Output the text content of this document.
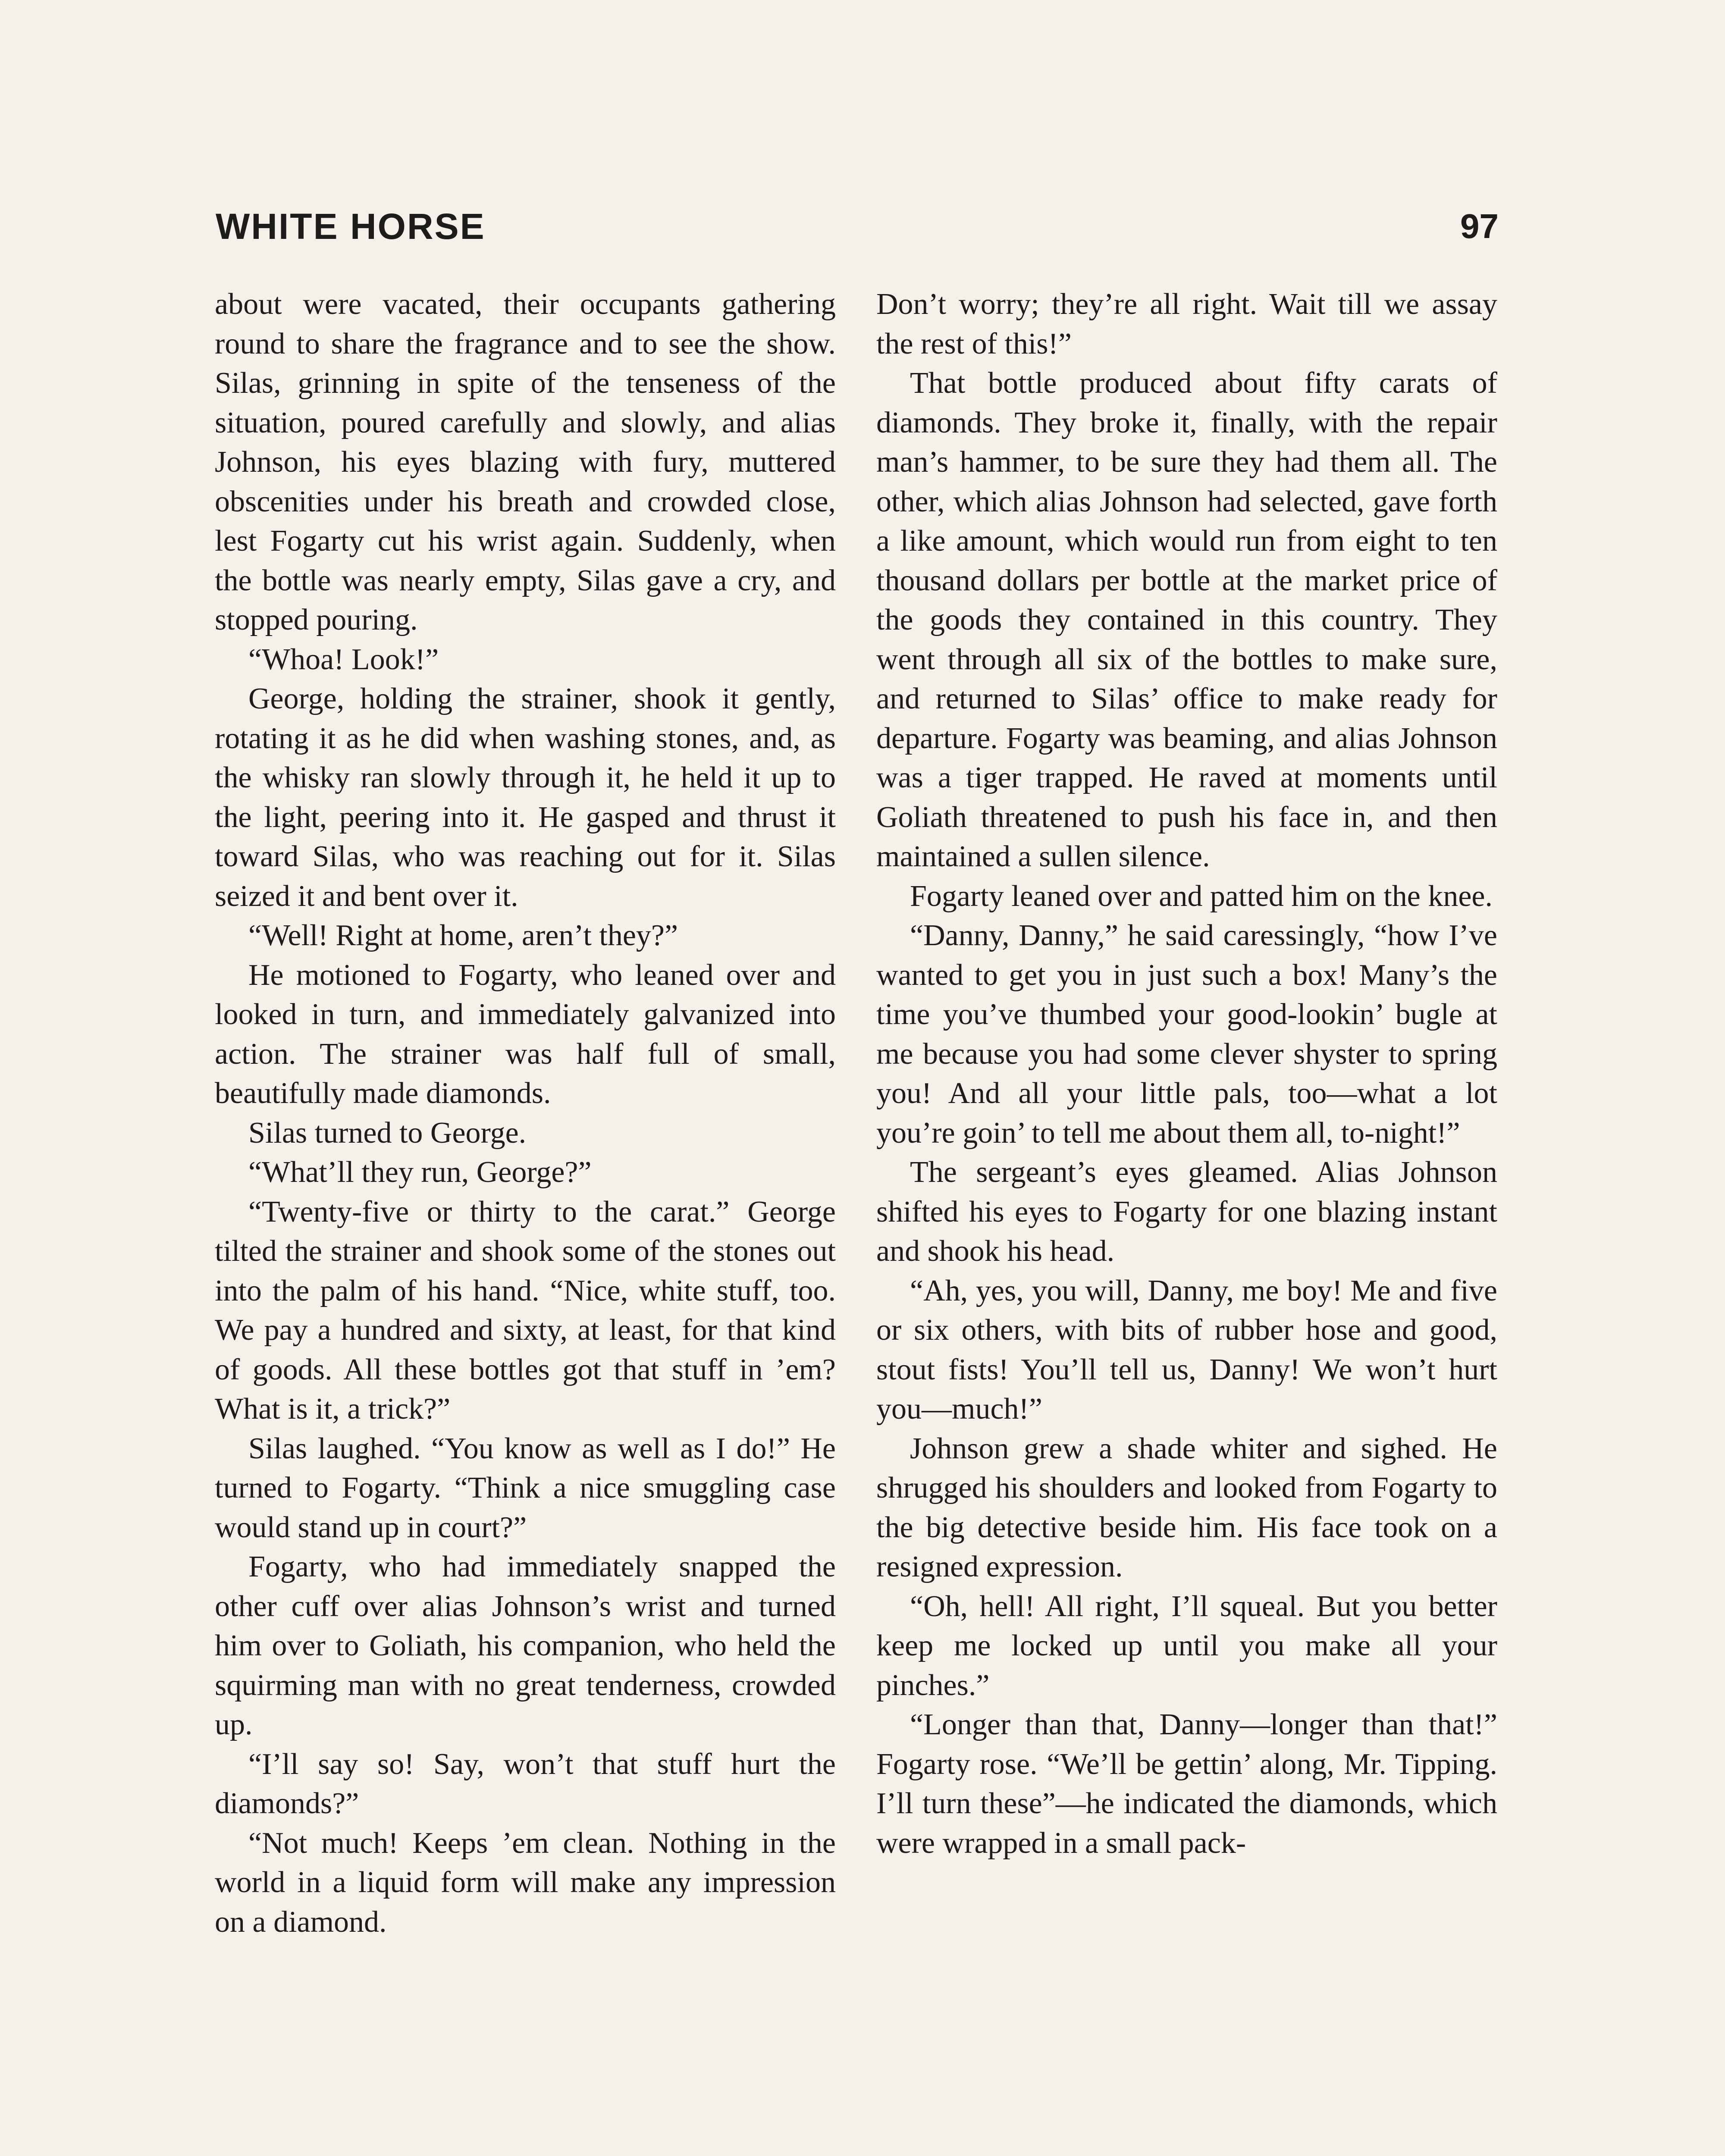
WHITE HORSE	97

about were vacated, their occupants gathering round to share the fragrance and to see the show. Silas, grinning in spite of the tenseness of the situation, poured carefully and slowly, and alias Johnson, his eyes blazing with fury, muttered obscenities under his breath and crowded close, lest Fogarty cut his wrist again. Suddenly, when the bottle was nearly empty, Silas gave a cry, and stopped pouring.

“Whoa! Look!”

George, holding the strainer, shook it gently, rotating it as he did when washing stones, and, as the whisky ran slowly through it, he held it up to the light, peering into it. He gasped and thrust it toward Silas, who was reaching out for it. Silas seized it and bent over it.

“Well! Right at home, aren’t they?”

He motioned to Fogarty, who leaned over and looked in turn, and immediately galvanized into action. The strainer was half full of small, beautifully made diamonds.

Silas turned to George.

“What’ll they run, George?”

“Twenty-five or thirty to the carat.” George tilted the strainer and shook some of the stones out into the palm of his hand. “Nice, white stuff, too. We pay a hundred and sixty, at least, for that kind of goods. All these bottles got that stuff in ’em? What is it, a trick?”

Silas laughed. “You know as well as I do!” He turned to Fogarty. “Think a nice smuggling case would stand up in court?”

Fogarty, who had immediately snapped the other cuff over alias Johnson’s wrist and turned him over to Goliath, his companion, who held the squirming man with no great tenderness, crowded up.

“I’ll say so! Say, won’t that stuff hurt the diamonds?”

“Not much! Keeps ’em clean. Nothing in the world in a liquid form will make any impression on a diamond.

Don’t worry; they’re all right. Wait till we assay the rest of this!”

That bottle produced about fifty carats of diamonds. They broke it, finally, with the repair man’s hammer, to be sure they had them all. The other, which alias Johnson had selected, gave forth a like amount, which would run from eight to ten thousand dollars per bottle at the market price of the goods they contained in this country. They went through all six of the bottles to make sure, and returned to Silas’ office to make ready for departure. Fogarty was beaming, and alias Johnson was a tiger trapped. He raved at moments until Goliath threatened to push his face in, and then maintained a sullen silence.

Fogarty leaned over and patted him on the knee.

“Danny, Danny,” he said caressingly, “how I’ve wanted to get you in just such a box! Many’s the time you’ve thumbed your good-lookin’ bugle at me because you had some clever shyster to spring you! And all your little pals, too—what a lot you’re goin’ to tell me about them all, to-night!”

The sergeant’s eyes gleamed. Alias Johnson shifted his eyes to Fogarty for one blazing instant and shook his head.

“Ah, yes, you will, Danny, me boy! Me and five or six others, with bits of rubber hose and good, stout fists! You’ll tell us, Danny! We won’t hurt you—much!”

Johnson grew a shade whiter and sighed. He shrugged his shoulders and looked from Fogarty to the big detective beside him. His face took on a resigned expression.

“Oh, hell! All right, I’ll squeal. But you better keep me locked up until you make all your pinches.”

“Longer than that, Danny—longer than that!” Fogarty rose. “We’ll be gettin’ along, Mr. Tipping. I’ll turn these”—he indicated the diamonds, which were wrapped in a small pack-
